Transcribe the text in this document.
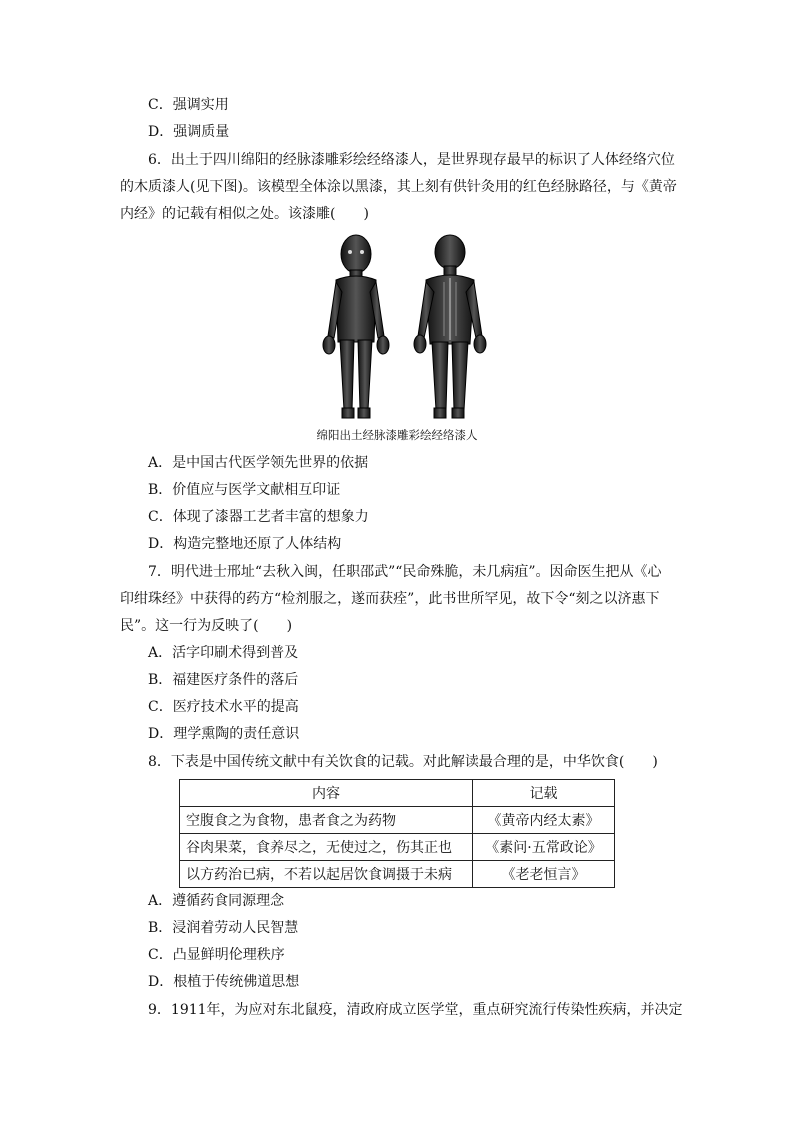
C．强调实用
D．强调质量
6．出土于四川绵阳的经脉漆雕彩绘经络漆人，是世界现存最早的标识了人体经络穴位
的木质漆人(见下图)。该模型全体涂以黑漆，其上刻有供针灸用的红色经脉路径，与《黄帝
内经》的记载有相似之处。该漆雕(　　)
绵阳出土经脉漆雕彩绘经络漆人
A．是中国古代医学领先世界的依据
B．价值应与医学文献相互印证
C．体现了漆器工艺者丰富的想象力
D．构造完整地还原了人体结构
7．明代进士邢址“去秋入闽，任职邵武”“民命殊脆，未几病疽”。因命医生把从《心
印绀珠经》中获得的药方“检剂服之，遂而获痊”，此书世所罕见，故下令“刻之以济惠下
民”。这一行为反映了(　　)
A．活字印刷术得到普及
B．福建医疗条件的落后
C．医疗技术水平的提高
D．理学熏陶的责任意识
8．下表是中国传统文献中有关饮食的记载。对此解读最合理的是，中华饮食(　　)
内容	记载
空腹食之为食物，患者食之为药物	《黄帝内经太素》
谷肉果菜，食养尽之，无使过之，伤其正也	《素问·五常政论》
以方药治已病，不若以起居饮食调摄于未病	《老老恒言》
A．遵循药食同源理念
B．浸润着劳动人民智慧
C．凸显鲜明伦理秩序
D．根植于传统佛道思想
9．1911年，为应对东北鼠疫，清政府成立医学堂，重点研究流行传染性疾病，并决定
